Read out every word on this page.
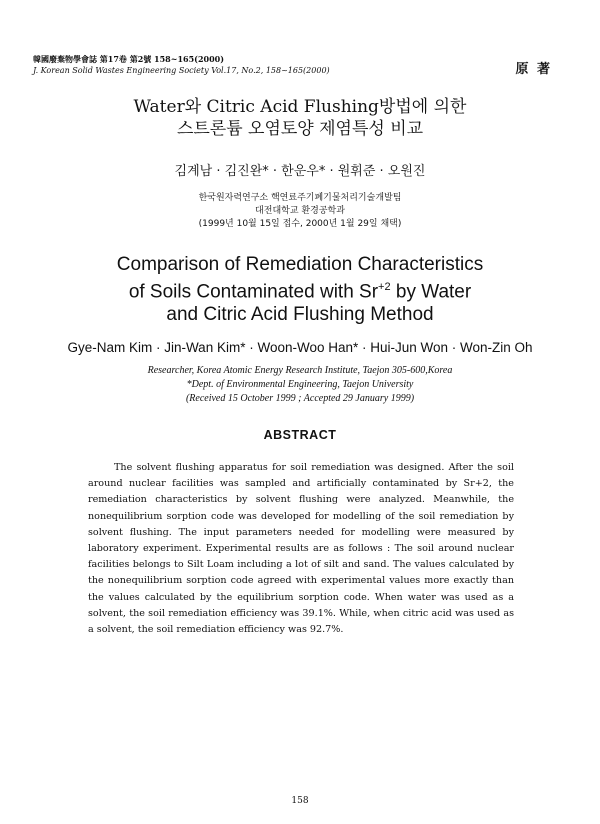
韓國廢棄物學會誌 第17卷 第2號 158~165(2000)
J. Korean Solid Wastes Engineering Society Vol.17, No.2, 158~165(2000)	原 著
Water와 Citric Acid Flushing방법에 의한
스트론튬 오염토양 제염특성 비교
김계남 · 김진완* · 한운우* · 원휘준 · 오원진
한국원자력연구소 핵연료주기폐기물처리기술개발팀
대전대학교 환경공학과
(1999년 10월 15일 접수, 2000년 1월 29일 채택)
Comparison of Remediation Characteristics
of Soils Contaminated with $Sr^{+2}$ by Water
and Citric Acid Flushing Method
Gye-Nam Kim · Jin-Wan Kim* · Woon-Woo Han* · Hui-Jun Won · Won-Zin Oh
Researcher, Korea Atomic Energy Research Institute, Taejon 305-600,Korea
*Dept. of Environmental Engineering, Taejon University
(Received 15 October 1999 ; Accepted 29 January 1999)
ABSTRACT
The solvent flushing apparatus for soil remediation was designed. After the soil around nuclear facilities was sampled and artificially contaminated by Sr+2, the remediation characteristics by solvent flushing were analyzed. Meanwhile, the nonequilibrium sorption code was developed for modelling of the soil remediation by solvent flushing. The input parameters needed for modelling were measured by laboratory experiment. Experimental results are as follows : The soil around nuclear facilities belongs to Silt Loam including a lot of silt and sand. The values calculated by the nonequilibrium sorption code agreed with experimental values more exactly than the values calculated by the equilibrium sorption code. When water was used as a solvent, the soil remediation efficiency was 39.1%. While, when citric acid was used as a solvent, the soil remediation efficiency was 92.7%.
158
